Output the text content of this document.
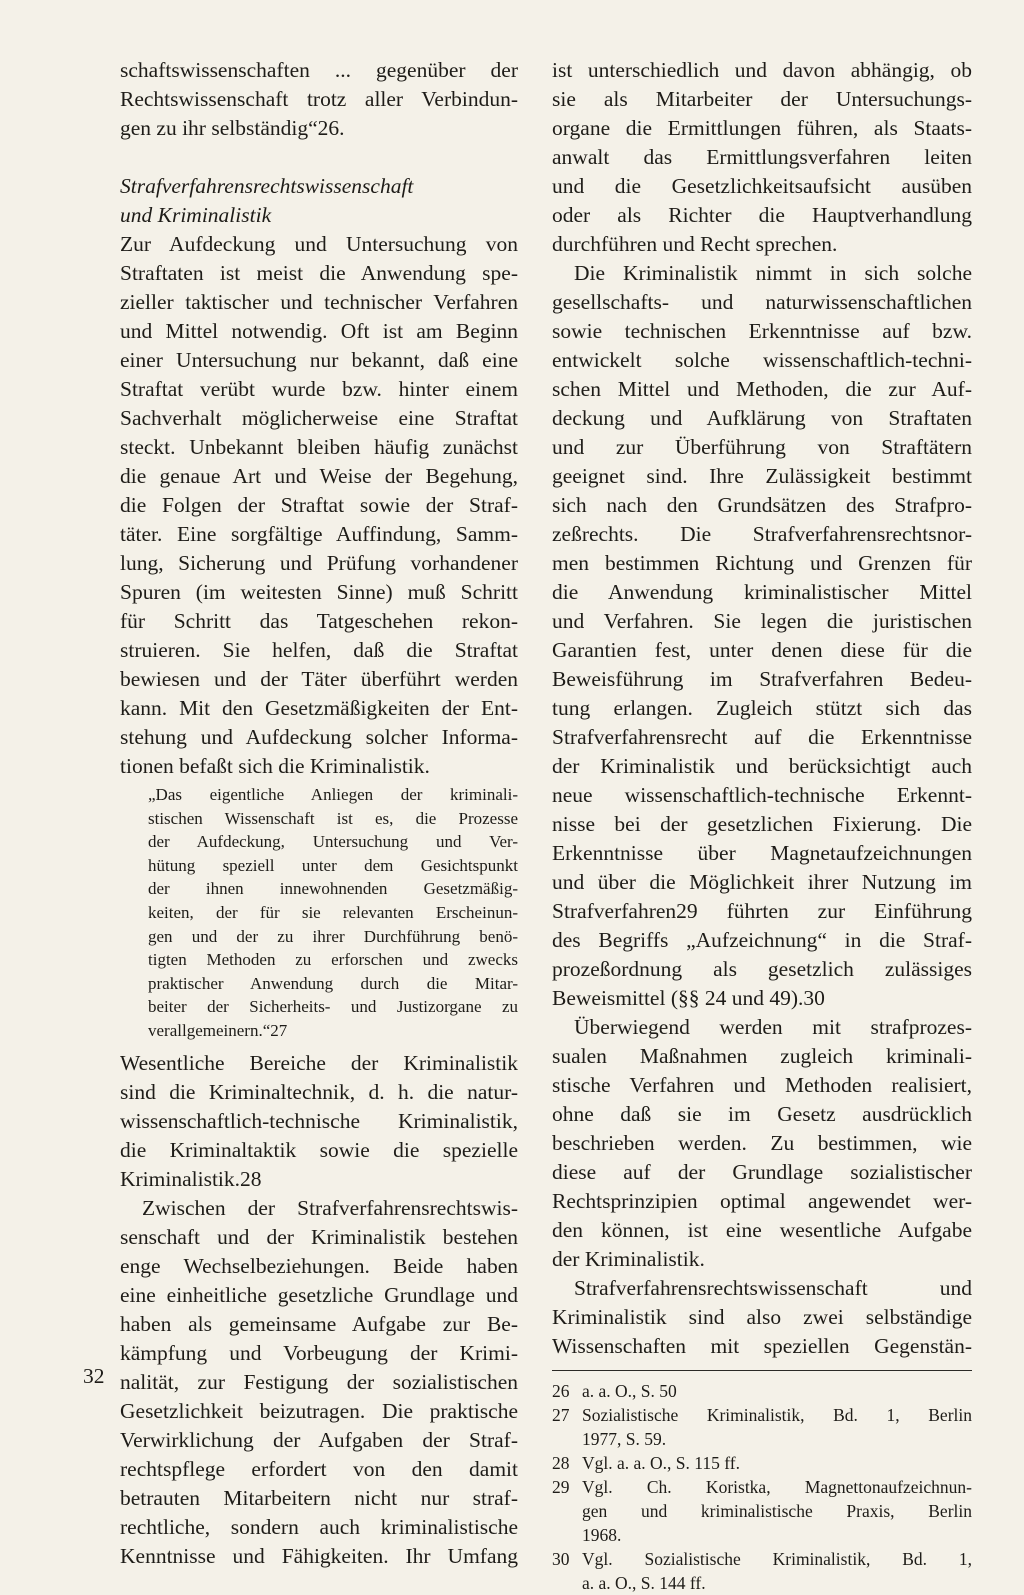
schaftswissenschaften ... gegenüber der
Rechtswissenschaft trotz aller Verbindun-
gen zu ihr selbständig“26.
Strafverfahrensrechtswissenschaft
und Kriminalistik
Zur Aufdeckung und Untersuchung von
Straftaten ist meist die Anwendung spe-
zieller taktischer und technischer Verfahren
und Mittel notwendig. Oft ist am Beginn
einer Untersuchung nur bekannt, daß eine
Straftat verübt wurde bzw. hinter einem
Sachverhalt möglicherweise eine Straftat
steckt. Unbekannt bleiben häufig zunächst
die genaue Art und Weise der Begehung,
die Folgen der Straftat sowie der Straf-
täter. Eine sorgfältige Auffindung, Samm-
lung, Sicherung und Prüfung vorhandener
Spuren (im weitesten Sinne) muß Schritt
für Schritt das Tatgeschehen rekon-
struieren. Sie helfen, daß die Straftat
bewiesen und der Täter überführt werden
kann. Mit den Gesetzmäßigkeiten der Ent-
stehung und Aufdeckung solcher Informa-
tionen befaßt sich die Kriminalistik.
„Das eigentliche Anliegen der kriminali-
stischen Wissenschaft ist es, die Prozesse
der Aufdeckung, Untersuchung und Ver-
hütung speziell unter dem Gesichtspunkt
der ihnen innewohnenden Gesetzmäßig-
keiten, der für sie relevanten Erscheinun-
gen und der zu ihrer Durchführung benö-
tigten Methoden zu erforschen und zwecks
praktischer Anwendung durch die Mitar-
beiter der Sicherheits- und Justizorgane zu
verallgemeinern.“27
Wesentliche Bereiche der Kriminalistik
sind die Kriminaltechnik, d. h. die natur-
wissenschaftlich-technische Kriminalistik,
die Kriminaltaktik sowie die spezielle
Kriminalistik.28
Zwischen der Strafverfahrensrechtswis-
senschaft und der Kriminalistik bestehen
enge Wechselbeziehungen. Beide haben
eine einheitliche gesetzliche Grundlage und
haben als gemeinsame Aufgabe zur Be-
kämpfung und Vorbeugung der Krimi-
nalität, zur Festigung der sozialistischen
Gesetzlichkeit beizutragen. Die praktische
Verwirklichung der Aufgaben der Straf-
rechtspflege erfordert von den damit
betrauten Mitarbeitern nicht nur straf-
rechtliche, sondern auch kriminalistische
Kenntnisse und Fähigkeiten. Ihr Umfang
ist unterschiedlich und davon abhängig, ob
sie als Mitarbeiter der Untersuchungs-
organe die Ermittlungen führen, als Staats-
anwalt das Ermittlungsverfahren leiten
und die Gesetzlichkeitsaufsicht ausüben
oder als Richter die Hauptverhandlung
durchführen und Recht sprechen.
Die Kriminalistik nimmt in sich solche
gesellschafts- und naturwissenschaftlichen
sowie technischen Erkenntnisse auf bzw.
entwickelt solche wissenschaftlich-techni-
schen Mittel und Methoden, die zur Auf-
deckung und Aufklärung von Straftaten
und zur Überführung von Straftätern
geeignet sind. Ihre Zulässigkeit bestimmt
sich nach den Grundsätzen des Strafpro-
zeßrechts. Die Strafverfahrensrechtsnor-
men bestimmen Richtung und Grenzen für
die Anwendung kriminalistischer Mittel
und Verfahren. Sie legen die juristischen
Garantien fest, unter denen diese für die
Beweisführung im Strafverfahren Bedeu-
tung erlangen. Zugleich stützt sich das
Strafverfahrensrecht auf die Erkenntnisse
der Kriminalistik und berücksichtigt auch
neue wissenschaftlich-technische Erkennt-
nisse bei der gesetzlichen Fixierung. Die
Erkenntnisse über Magnetaufzeichnungen
und über die Möglichkeit ihrer Nutzung im
Strafverfahren29 führten zur Einführung
des Begriffs „Aufzeichnung“ in die Straf-
prozeßordnung als gesetzlich zulässiges
Beweismittel (§§ 24 und 49).30
Überwiegend werden mit strafprozes-
sualen Maßnahmen zugleich kriminali-
stische Verfahren und Methoden realisiert,
ohne daß sie im Gesetz ausdrücklich
beschrieben werden. Zu bestimmen, wie
diese auf der Grundlage sozialistischer
Rechtsprinzipien optimal angewendet wer-
den können, ist eine wesentliche Aufgabe
der Kriminalistik.
Strafverfahrensrechtswissenschaft und
Kriminalistik sind also zwei selbständige
Wissenschaften mit speziellen Gegenstän-
26 a. a. O., S. 50
27 Sozialistische Kriminalistik, Bd. 1, Berlin
1977, S. 59.
28 Vgl. a. a. O., S. 115 ff.
29 Vgl. Ch. Koristka, Magnettonaufzeichnun-
gen und kriminalistische Praxis, Berlin
1968.
30 Vgl. Sozialistische Kriminalistik, Bd. 1,
a. a. O., S. 144 ff.
32
